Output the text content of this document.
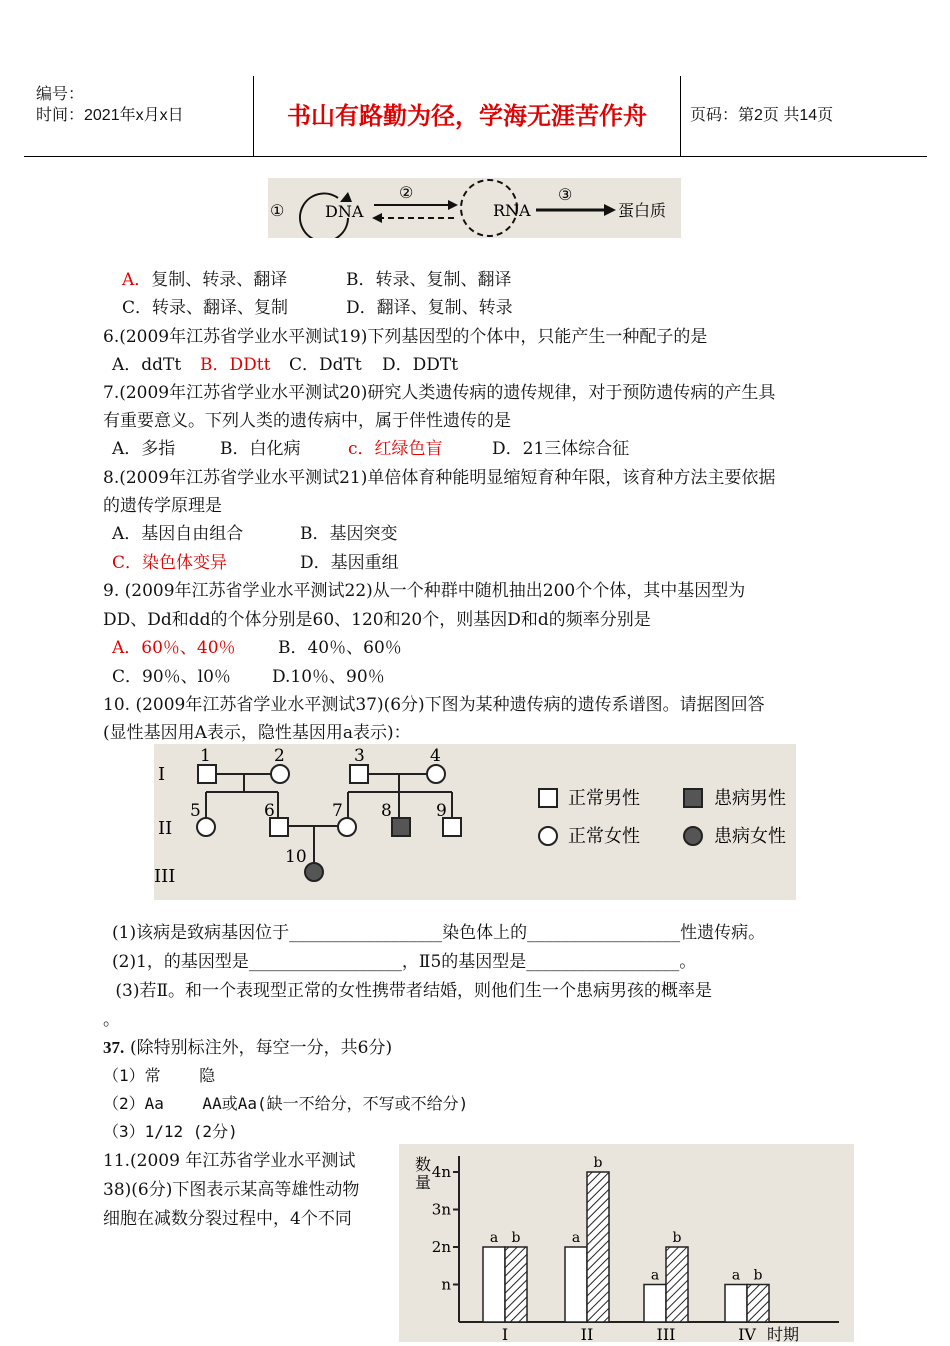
编号：
时间：2021年x月x日	书山有路勤为径，学海无涯苦作舟	页码：第2页 共14页
①	DNA
②
RNA
③
蛋白质
A．复制、转录、翻译	B．转录、复制、翻译
C．转录、翻译、复制	D．翻译、复制、转录
6.(2009年江苏省学业水平测试19)下列基因型的个体中，只能产生一种配子的是
A．ddTt B．DDtt C．DdTt D．DDTt
7.(2009年江苏省学业水平测试20)研究人类遗传病的遗传规律，对于预防遗传病的产生具
有重要意义。下列人类的遗传病中，属于伴性遗传的是
A．多指	B．白化病	c．红绿色盲	D．21三体综合征
8.(2009年江苏省学业水平测试21)单倍体育种能明显缩短育种年限，该育种方法主要依据
的遗传学原理是
A．基因自由组合	B．基因突变
C．染色体变异	D．基因重组
9. (2009年江苏省学业水平测试22)从一个种群中随机抽出200个个体，其中基因型为
DD、Dd和dd的个体分别是60、120和20个，则基因D和d的频率分别是
A．60％、40％ B．40％、60％
C．90％、l0％ D.10％、90％
10. (2009年江苏省学业水平测试37)(6分)下图为某种遗传病的遗传系谱图。请据图回答
(显性基因用A表示，隐性基因用a表示)：
I
II
III
1	2	3	4
5	6	7 8	9
10
正常男性	患病男性
正常女性	患病女性
(1)该病是致病基因位于__________________染色体上的__________________性遗传病。
(2)1，的基因型是__________________，Ⅱ5的基因型是__________________。
(3)若Ⅱ。和一个表现型正常的女性携带者结婚，则他们生一个患病男孩的概率是
。
37. (除特别标注外，每空一分，共6分)
（1）常    隐
（2）Aa    AA或Aa(缺一不给分，不写或不给分)
（3）1/12 (2分)
11.(2009 年江苏省学业水平测试
38)(6分)下图表示某高等雄性动物
细胞在减数分裂过程中，4个不同
数
量
时期
n
2n
3n
4n
a b
I
a
b
II
a
b
III
a b
IV
